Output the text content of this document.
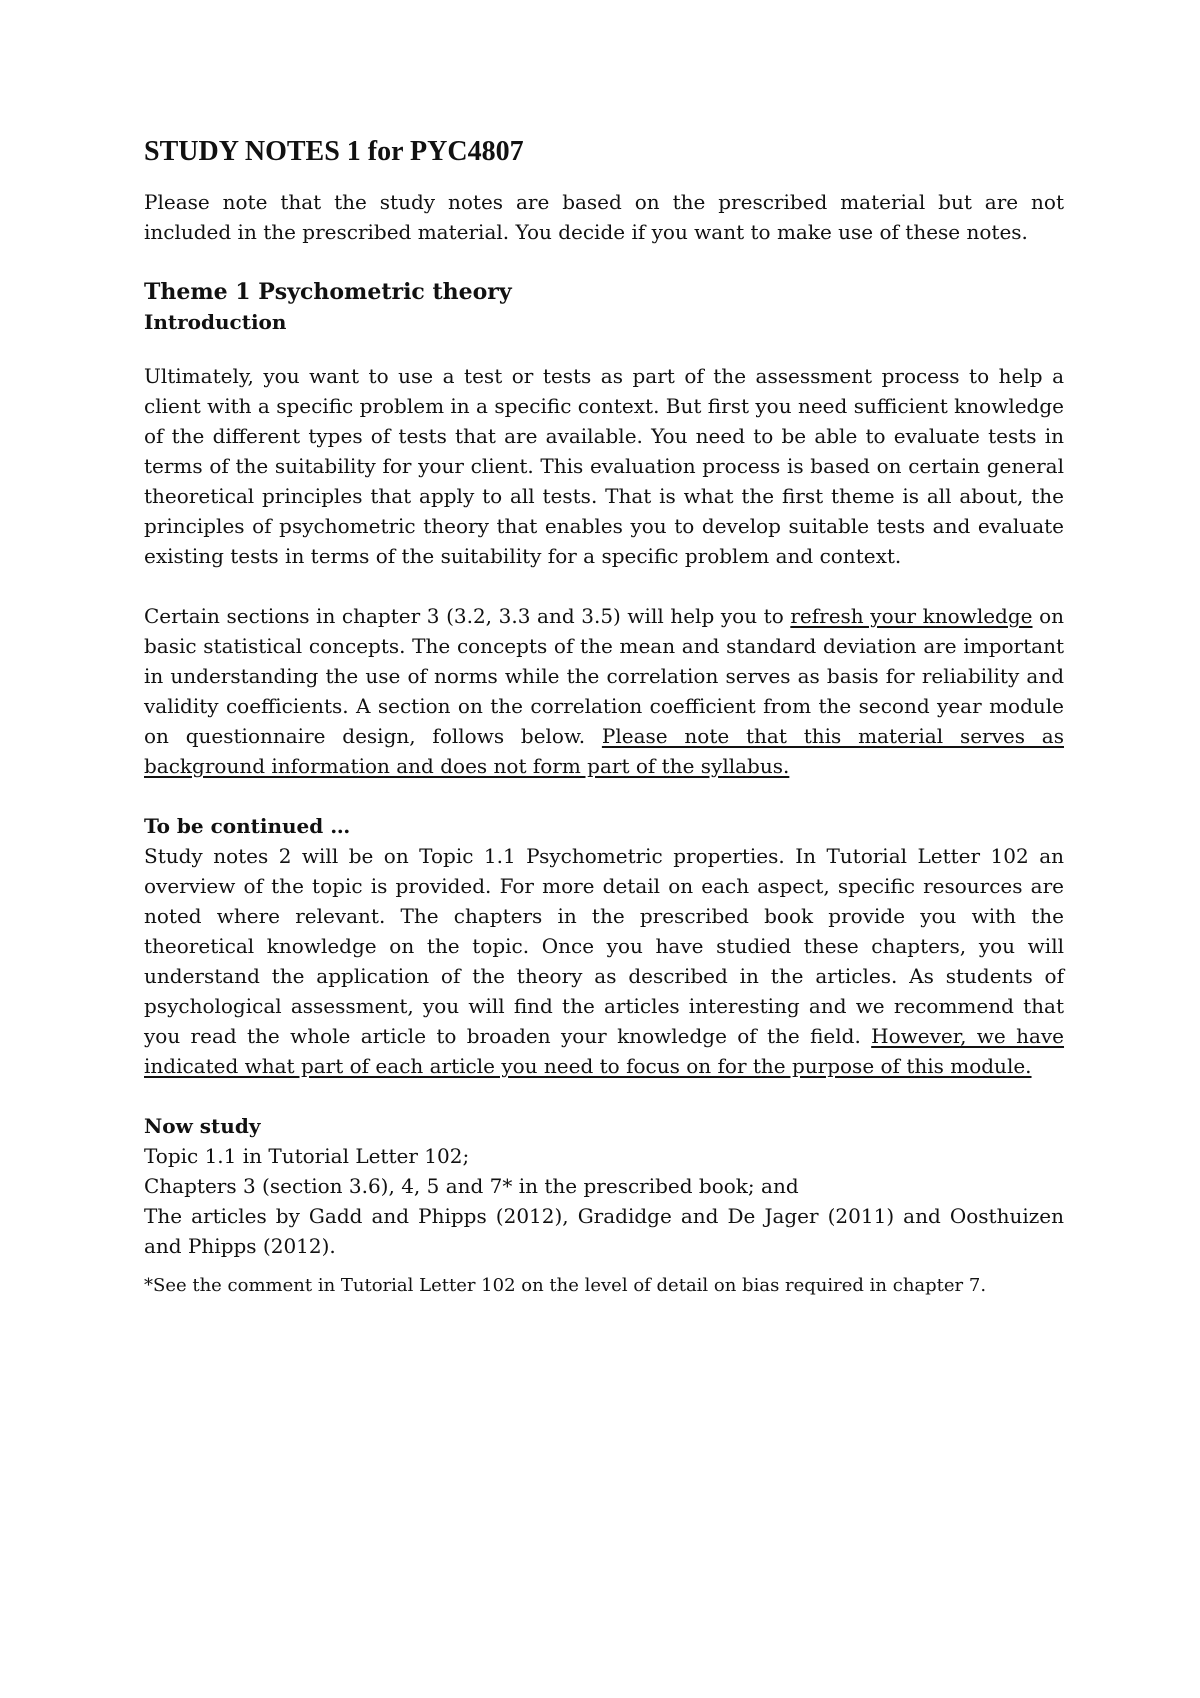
STUDY NOTES 1 for PYC4807

Please note that the study notes are based on the prescribed material but are not included in the prescribed material. You decide if you want to make use of these notes.

Theme 1 Psychometric theory
Introduction

Ultimately, you want to use a test or tests as part of the assessment process to help a client with a specific problem in a specific context. But first you need sufficient knowledge of the different types of tests that are available. You need to be able to evaluate tests in terms of the suitability for your client. This evaluation process is based on certain general theoretical principles that apply to all tests. That is what the first theme is all about, the principles of psychometric theory that enables you to develop suitable tests and evaluate existing tests in terms of the suitability for a specific problem and context.

Certain sections in chapter 3 (3.2, 3.3 and 3.5) will help you to refresh your knowledge on basic statistical concepts. The concepts of the mean and standard deviation are important in understanding the use of norms while the correlation serves as basis for reliability and validity coefficients. A section on the correlation coefficient from the second year module on questionnaire design, follows below. Please note that this material serves as background information and does not form part of the syllabus.

To be continued …

Study notes 2 will be on Topic 1.1 Psychometric properties. In Tutorial Letter 102 an overview of the topic is provided. For more detail on each aspect, specific resources are noted where relevant. The chapters in the prescribed book provide you with the theoretical knowledge on the topic. Once you have studied these chapters, you will understand the application of the theory as described in the articles. As students of psychological assessment, you will find the articles interesting and we recommend that you read the whole article to broaden your knowledge of the field. However, we have indicated what part of each article you need to focus on for the purpose of this module.

Now study

Topic 1.1 in Tutorial Letter 102;

Chapters 3 (section 3.6), 4, 5 and 7* in the prescribed book; and

The articles by Gadd and Phipps (2012), Gradidge and De Jager (2011) and Oosthuizen and Phipps (2012).

*See the comment in Tutorial Letter 102 on the level of detail on bias required in chapter 7.
